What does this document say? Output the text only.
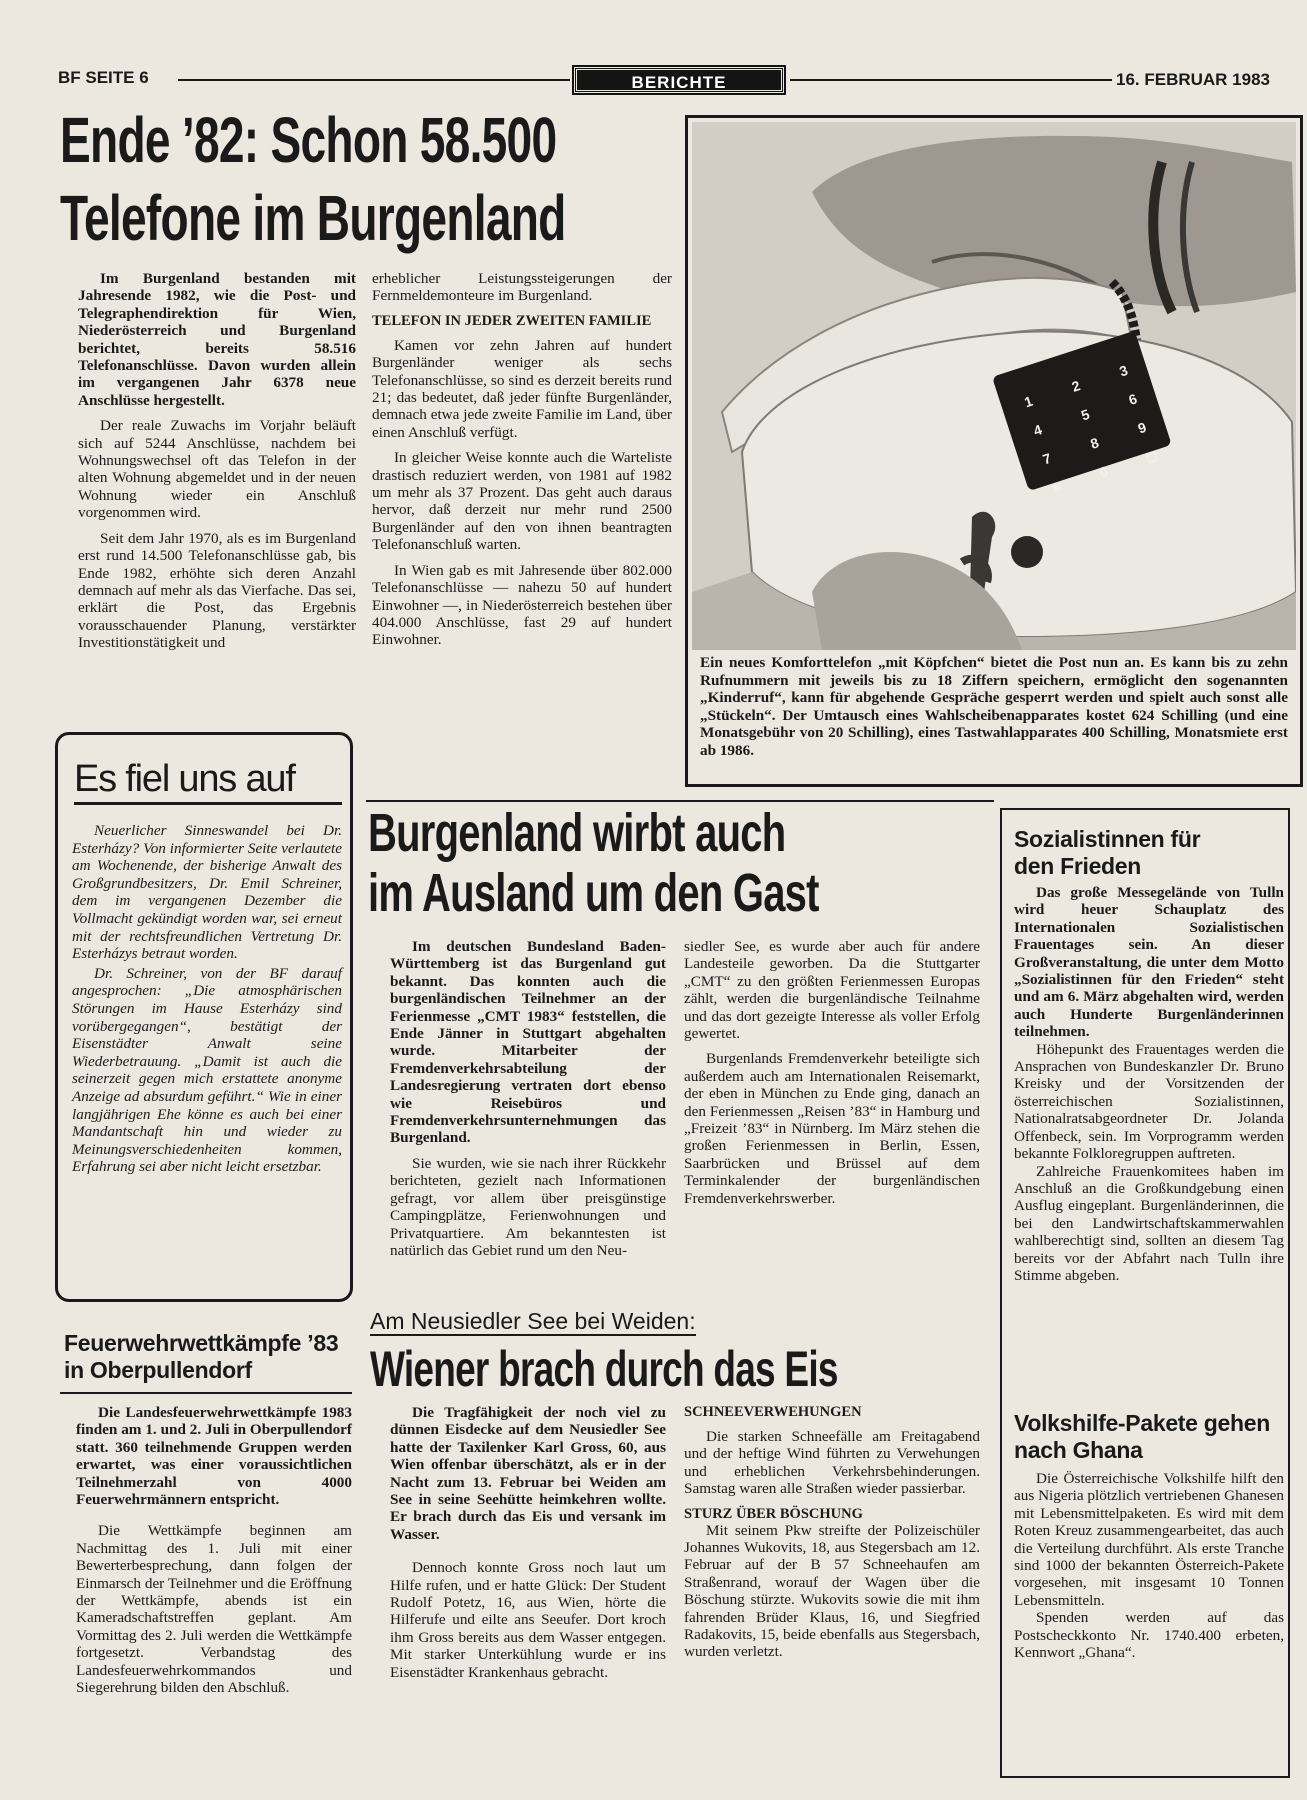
BF SEITE 6	BERICHTE	16. FEBRUAR 1983
Ende ’82: Schon 58.500
Telefone im Burgenland

Im Burgenland bestanden mit Jahresende 1982, wie die Post- und Telegraphendirektion für Wien, Niederösterreich und Burgenland berichtet, bereits 58.516 Telefonanschlüsse. Davon wurden allein im vergangenen Jahr 6378 neue Anschlüsse hergestellt.

Der reale Zuwachs im Vorjahr beläuft sich auf 5244 Anschlüsse, nachdem bei Wohnungswechsel oft das Telefon in der alten Wohnung abgemeldet und in der neuen Wohnung wieder ein Anschluß vorgenommen wird.

Seit dem Jahr 1970, als es im Burgenland erst rund 14.500 Telefonanschlüsse gab, bis Ende 1982, erhöhte sich deren Anzahl demnach auf mehr als das Vierfache. Das sei, erklärt die Post, das Ergebnis vorausschauender Planung, verstärkter Investitionstätigkeit und

erheblicher Leistungssteigerungen der Fernmeldemonteure im Burgenland.

TELEFON IN JEDER ZWEITEN FAMILIE

Kamen vor zehn Jahren auf hundert Burgenländer weniger als sechs Telefonanschlüsse, so sind es derzeit bereits rund 21; das bedeutet, daß jeder fünfte Burgenländer, demnach etwa jede zweite Familie im Land, über einen Anschluß verfügt.

In gleicher Weise konnte auch die Warteliste drastisch reduziert werden, von 1981 auf 1982 um mehr als 37 Prozent. Das geht auch daraus hervor, daß derzeit nur mehr rund 2500 Burgenländer auf den von ihnen beantragten Telefonanschluß warten.

In Wien gab es mit Jahresende über 802.000 Telefonanschlüsse — nahezu 50 auf hundert Einwohner —, in Niederösterreich bestehen über 404.000 Anschlüsse, fast 29 auf hundert Einwohner.

1
2
3
4
5
6
7
8
9
∗
0
◻
Ein neues Komforttelefon „mit Köpfchen“ bietet die Post nun an. Es kann bis zu zehn Rufnummern mit jeweils bis zu 18 Ziffern speichern, ermöglicht den sogenannten „Kinderruf“, kann für abgehende Gespräche gesperrt werden und spielt auch sonst alle „Stückeln“. Der Umtausch eines Wahlscheibenapparates kostet 624 Schilling (und eine Monatsgebühr von 20 Schilling), eines Tastwahlapparates 400 Schilling, Monatsmiete erst ab 1986.
Es fiel uns auf

Neuerlicher Sinneswandel bei Dr. Esterházy? Von informierter Seite verlautete am Wochenende, der bisherige Anwalt des Großgrundbesitzers, Dr. Emil Schreiner, dem im vergangenen Dezember die Vollmacht gekündigt worden war, sei erneut mit der rechtsfreundlichen Vertretung Dr. Esterházys betraut worden.

Dr. Schreiner, von der BF darauf angesprochen: „Die atmosphärischen Störungen im Hause Esterházy sind vorübergegangen“, bestätigt der Eisenstädter Anwalt seine Wiederbetrauung. „Damit ist auch die seinerzeit gegen mich erstattete anonyme Anzeige ad absurdum geführt.“ Wie in einer langjährigen Ehe könne es auch bei einer Mandantschaft hin und wieder zu Meinungsverschiedenheiten kommen, Erfahrung sei aber nicht leicht ersetzbar.

Burgenland wirbt auch
im Ausland um den Gast

Im deutschen Bundesland Baden-Württemberg ist das Burgenland gut bekannt. Das konnten auch die burgenländischen Teilnehmer an der Ferienmesse „CMT 1983“ feststellen, die Ende Jänner in Stuttgart abgehalten wurde. Mitarbeiter der Fremdenverkehrsabteilung der Landesregierung vertraten dort ebenso wie Reisebüros und Fremdenverkehrsunternehmungen das Burgenland.

Sie wurden, wie sie nach ihrer Rückkehr berichteten, gezielt nach Informationen gefragt, vor allem über preisgünstige Campingplätze, Ferienwohnungen und Privatquartiere. Am bekanntesten ist natürlich das Gebiet rund um den Neu-

siedler See, es wurde aber auch für andere Landesteile geworben. Da die Stuttgarter „CMT“ zu den größten Ferienmessen Europas zählt, werden die burgenländische Teilnahme und das dort gezeigte Interesse als voller Erfolg gewertet.

Burgenlands Fremdenverkehr beteiligte sich außerdem auch am Internationalen Reisemarkt, der eben in München zu Ende ging, danach an den Ferienmessen „Reisen ’83“ in Hamburg und „Freizeit ’83“ in Nürnberg. Im März stehen die großen Ferienmessen in Berlin, Essen, Saarbrücken und Brüssel auf dem Terminkalender der burgenländischen Fremdenverkehrswerber.

Sozialistinnen für den Frieden

Das große Messegelände von Tulln wird heuer Schauplatz des Internationalen Sozialistischen Frauentages sein. An dieser Großveranstaltung, die unter dem Motto „Sozialistinnen für den Frieden“ steht und am 6. März abgehalten wird, werden auch Hunderte Burgenländerinnen teilnehmen.

Höhepunkt des Frauentages werden die Ansprachen von Bundeskanzler Dr. Bruno Kreisky und der Vorsitzenden der österreichischen Sozialistinnen, Nationalratsabgeordneter Dr. Jolanda Offenbeck, sein. Im Vorprogramm werden bekannte Folkloregruppen auftreten.

Zahlreiche Frauenkomitees haben im Anschluß an die Großkundgebung einen Ausflug eingeplant. Burgenländerinnen, die bei den Landwirtschaftskammerwahlen wahlberechtigt sind, sollten an diesem Tag bereits vor der Abfahrt nach Tulln ihre Stimme abgeben.

Volkshilfe-Pakete gehen nach Ghana

Die Österreichische Volkshilfe hilft den aus Nigeria plötzlich vertriebenen Ghanesen mit Lebensmittelpaketen. Es wird mit dem Roten Kreuz zusammengearbeitet, das auch die Verteilung durchführt. Als erste Tranche sind 1000 der bekannten Österreich-Pakete vorgesehen, mit insgesamt 10 Tonnen Lebensmitteln.

Spenden werden auf das Postscheckkonto Nr. 1740.400 erbeten, Kennwort „Ghana“.

Feuerwehrwettkämpfe ’83 in Oberpullendorf

Die Landesfeuerwehrwettkämpfe 1983 finden am 1. und 2. Juli in Oberpullendorf statt. 360 teilnehmende Gruppen werden erwartet, was einer voraussichtlichen Teilnehmerzahl von 4000 Feuerwehrmännern entspricht.

Die Wettkämpfe beginnen am Nachmittag des 1. Juli mit einer Bewerterbesprechung, dann folgen der Einmarsch der Teilnehmer und die Eröffnung der Wettkämpfe, abends ist ein Kameradschaftstreffen geplant. Am Vormittag des 2. Juli werden die Wettkämpfe fortgesetzt. Verbandstag des Landesfeuerwehrkommandos und Siegerehrung bilden den Abschluß.

Am Neusiedler See bei Weiden:
Wiener brach durch das Eis

Die Tragfähigkeit der noch viel zu dünnen Eisdecke auf dem Neusiedler See hatte der Taxilenker Karl Gross, 60, aus Wien offenbar überschätzt, als er in der Nacht zum 13. Februar bei Weiden am See in seine Seehütte heimkehren wollte. Er brach durch das Eis und versank im Wasser.

Dennoch konnte Gross noch laut um Hilfe rufen, und er hatte Glück: Der Student Rudolf Potetz, 16, aus Wien, hörte die Hilferufe und eilte ans Seeufer. Dort kroch ihm Gross bereits aus dem Wasser entgegen. Mit starker Unterkühlung wurde er ins Eisenstädter Krankenhaus gebracht.

SCHNEEVERWEHUNGEN

Die starken Schneefälle am Freitagabend und der heftige Wind führten zu Verwehungen und erheblichen Verkehrsbehinderungen. Samstag waren alle Straßen wieder passierbar.

STURZ ÜBER BÖSCHUNG

Mit seinem Pkw streifte der Polizeischüler Johannes Wukovits, 18, aus Stegersbach am 12. Februar auf der B 57 Schneehaufen am Straßenrand, worauf der Wagen über die Böschung stürzte. Wukovits sowie die mit ihm fahrenden Brüder Klaus, 16, und Siegfried Radakovits, 15, beide ebenfalls aus Stegersbach, wurden verletzt.
